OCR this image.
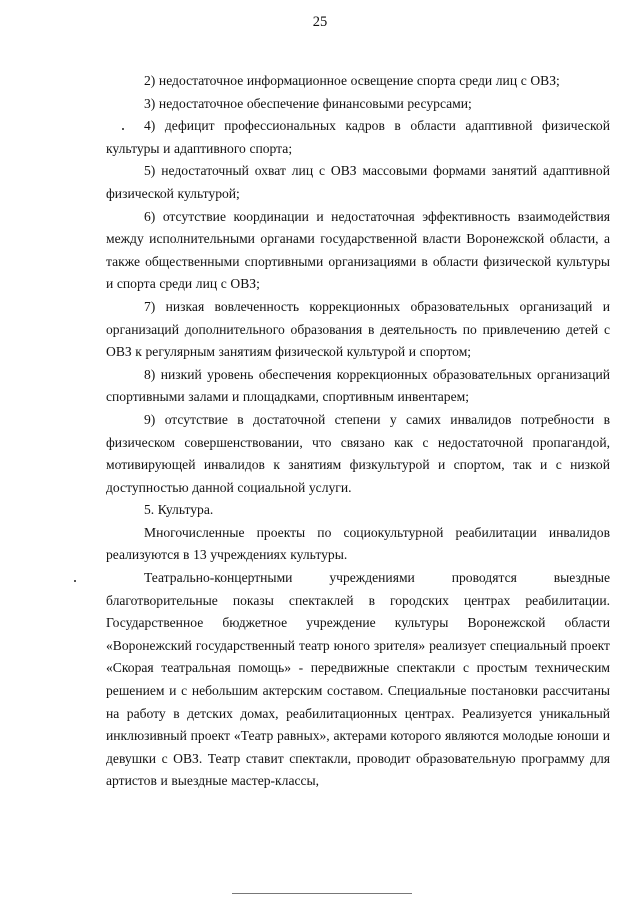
25

2) недостаточное информационное освещение спорта среди лиц с ОВЗ;

3) недостаточное обеспечение финансовыми ресурсами;

4) дефицит профессиональных кадров в области адаптивной физической культуры и адаптивного спорта;

5) недостаточный охват лиц с ОВЗ массовыми формами занятий адаптивной физической культурой;

6) отсутствие координации и недостаточная эффективность взаимодействия между исполнительными органами государственной власти Воронежской области, а также общественными спортивными организациями в области физической культуры и спорта среди лиц с ОВЗ;

7) низкая вовлеченность коррекционных образовательных организаций и организаций дополнительного образования в деятельность по привлечению детей с ОВЗ к регулярным занятиям физической культурой и спортом;

8) низкий уровень обеспечения коррекционных образовательных организаций спортивными залами и площадками, спортивным инвентарем;

9) отсутствие в достаточной степени у самих инвалидов потребности в физическом совершенствовании, что связано как с недостаточной пропагандой, мотивирующей инвалидов к занятиям физкультурой и спортом, так и с низкой доступностью данной социальной услуги.

5. Культура.

Многочисленные проекты по социокультурной реабилитации инвалидов реализуются в 13 учреждениях культуры.

Театрально-концертными учреждениями проводятся выездные благотворительные показы спектаклей в городских центрах реабилитации. Государственное бюджетное учреждение культуры Воронежской области «Воронежский государственный театр юного зрителя» реализует специальный проект «Скорая театральная помощь» - передвижные спектакли с простым техническим решением и с небольшим актерским составом. Специальные постановки рассчитаны на работу в детских домах, реабилитационных центрах. Реализуется уникальный инклюзивный проект «Театр равных», актерами которого являются молодые юноши и девушки с ОВЗ. Театр ставит спектакли, проводит образовательную программу для артистов и выездные мастер-классы,
